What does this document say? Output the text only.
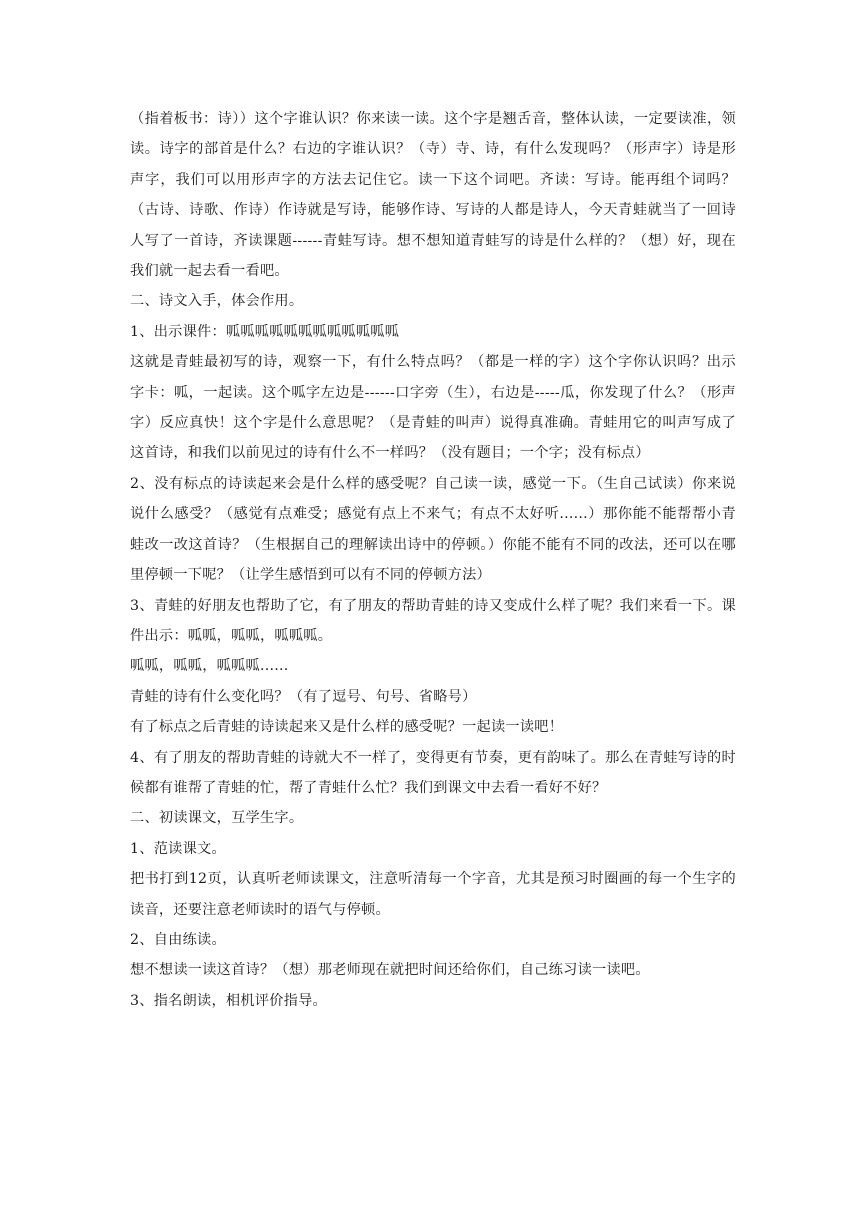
（指着板书：诗））这个字谁认识？你来读一读。这个字是翘舌音，整体认读，一定要读准，领读。诗字的部首是什么？右边的字谁认识？（寺）寺、诗，有什么发现吗？（形声字）诗是形声字，我们可以用形声字的方法去记住它。读一下这个词吧。齐读：写诗。能再组个词吗？（古诗、诗歌、作诗）作诗就是写诗，能够作诗、写诗的人都是诗人，今天青蛙就当了一回诗人写了一首诗，齐读课题------青蛙写诗。想不想知道青蛙写的诗是什么样的？（想）好，现在我们就一起去看一看吧。

二、诗文入手，体会作用。

1、出示课件：呱呱呱呱呱呱呱呱呱呱呱呱

这就是青蛙最初写的诗，观察一下，有什么特点吗？（都是一样的字）这个字你认识吗？出示字卡：呱，一起读。这个呱字左边是------口字旁（生），右边是-----瓜，你发现了什么？（形声字）反应真快！这个字是什么意思呢？（是青蛙的叫声）说得真准确。青蛙用它的叫声写成了这首诗，和我们以前见过的诗有什么不一样吗？（没有题目；一个字；没有标点）

2、没有标点的诗读起来会是什么样的感受呢？自己读一读，感觉一下。（生自己试读）你来说说什么感受？（感觉有点难受；感觉有点上不来气；有点不太好听......）那你能不能帮帮小青蛙改一改这首诗？（生根据自己的理解读出诗中的停顿。）你能不能有不同的改法，还可以在哪里停顿一下呢？（让学生感悟到可以有不同的停顿方法）

3、青蛙的好朋友也帮助了它，有了朋友的帮助青蛙的诗又变成什么样了呢？我们来看一下。课件出示：呱呱，呱呱，呱呱呱。

呱呱，呱呱，呱呱呱......

青蛙的诗有什么变化吗？（有了逗号、句号、省略号）

有了标点之后青蛙的诗读起来又是什么样的感受呢？一起读一读吧！

4、有了朋友的帮助青蛙的诗就大不一样了，变得更有节奏，更有韵味了。那么在青蛙写诗的时候都有谁帮了青蛙的忙，帮了青蛙什么忙？我们到课文中去看一看好不好？

二、初读课文，互学生字。

1、范读课文。

把书打到12页，认真听老师读课文，注意听清每一个字音，尤其是预习时圈画的每一个生字的读音，还要注意老师读时的语气与停顿。

2、自由练读。

想不想读一读这首诗？（想）那老师现在就把时间还给你们，自己练习读一读吧。

3、指名朗读，相机评价指导。
